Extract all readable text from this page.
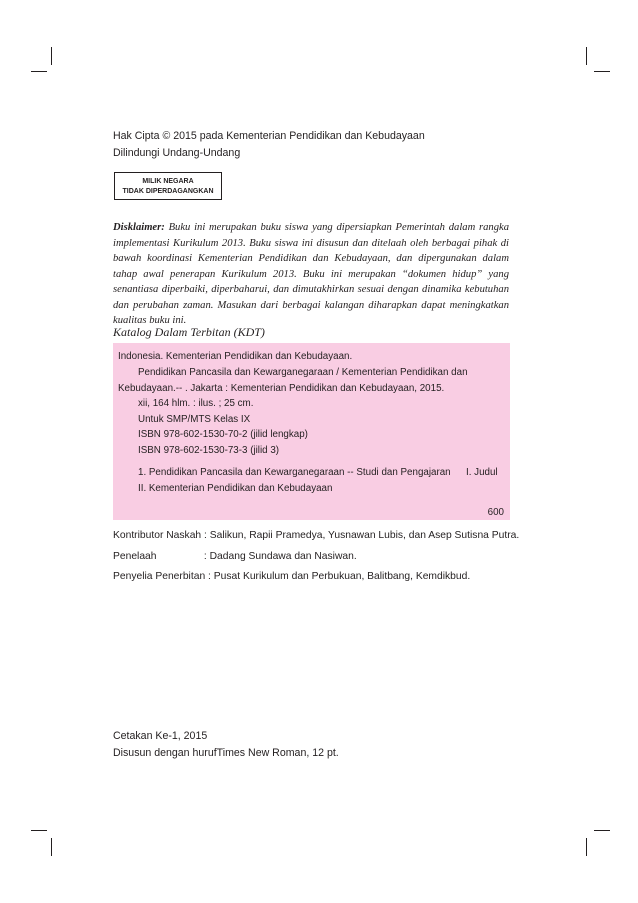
Hak Cipta © 2015 pada Kementerian Pendidikan dan Kebudayaan
Dilindungi Undang-Undang
MILIK NEGARA
TIDAK DIPERDAGANGKAN

Disklaimer: Buku ini merupakan buku siswa yang dipersiapkan Pemerintah dalam rangka implementasi Kurikulum 2013. Buku siswa ini disusun dan ditelaah oleh berbagai pihak di bawah koordinasi Kementerian Pendidikan dan Kebudayaan, dan dipergunakan dalam tahap awal penerapan Kurikulum 2013. Buku ini merupakan “dokumen hidup” yang senantiasa diperbaiki, diperbaharui, dan dimutakhirkan sesuai dengan dinamika kebutuhan dan perubahan zaman. Masukan dari berbagai kalangan diharapkan dapat meningkatkan kualitas buku ini.

Katalog Dalam Terbitan (KDT)
Indonesia. Kementerian Pendidikan dan Kebudayaan.
Pendidikan Pancasila dan Kewarganegaraan / Kementerian Pendidikan dan
Kebudayaan.-- . Jakarta : Kementerian Pendidikan dan Kebudayaan, 2015.
xii, 164 hlm. : ilus. ; 25 cm.
Untuk SMP/MTS Kelas IX
ISBN 978-602-1530-70-2 (jilid lengkap)
ISBN 978-602-1530-73-3 (jilid 3)
1. Pendidikan Pancasila dan Kewarganegaraan -- Studi dan Pengajaran I. Judul
II. Kementerian Pendidikan dan Kebudayaan
600
Kontributor Naskah : Salikun, Rapii Pramedya, Yusnawan Lubis, dan Asep Sutisna Putra.
Penelaah	: Dadang Sundawa dan Nasiwan.
Penyelia Penerbitan : Pusat Kurikulum dan Perbukuan, Balitbang, Kemdikbud.
Cetakan Ke-1, 2015
Disusun dengan hurufTimes New Roman, 12 pt.
